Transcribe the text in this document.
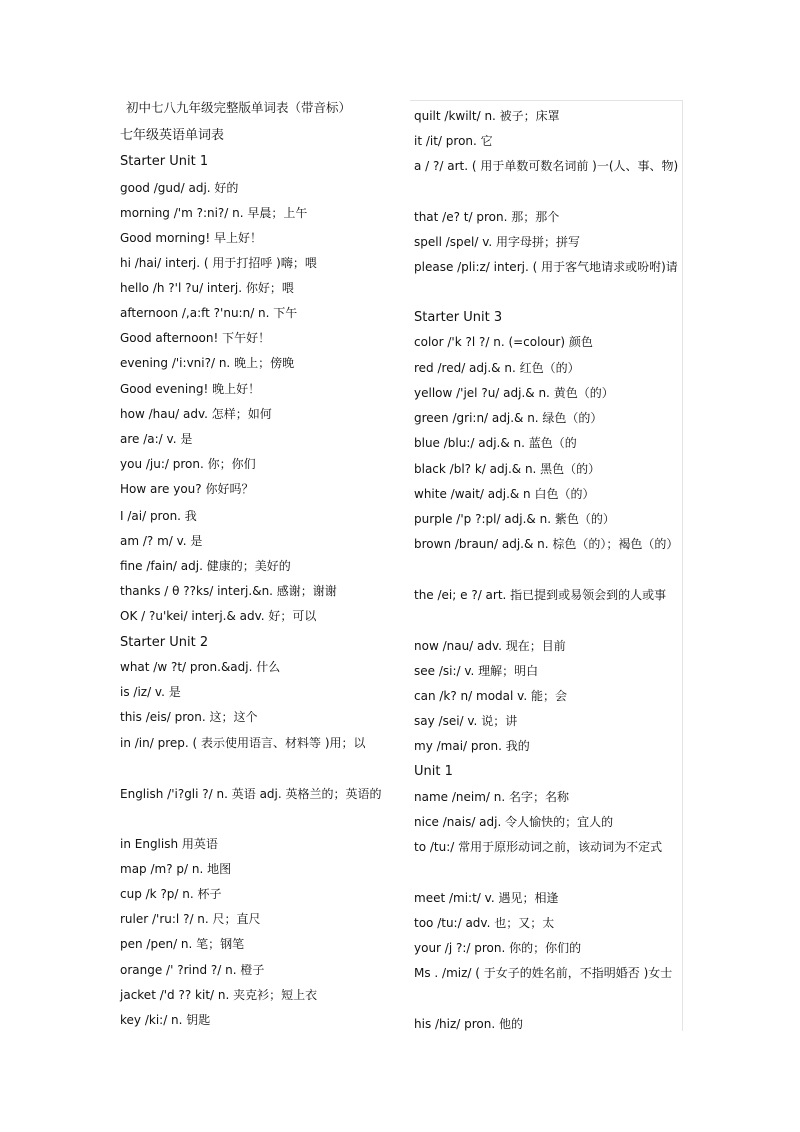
初中七八九年级完整版单词表（带音标）
七年级英语单词表
Starter Unit 1
good /gud/ adj. 好的
morning /'m ?:ni?/ n. 早晨；上午
Good morning! 早上好！
hi /hai/ interj. ( 用于打招呼 )嗨；喂
hello /h ?'l ?u/ interj. 你好；喂
afternoon /,a:ft ?'nu:n/ n. 下午
Good afternoon! 下午好！
evening /'i:vni?/ n. 晚上；傍晚
Good evening! 晚上好！
how /hau/ adv. 怎样；如何
are /a:/ v. 是
you /ju:/ pron. 你；你们
How are you? 你好吗？
I /ai/ pron. 我
am /? m/ v. 是
fine /fain/ adj. 健康的；美好的
thanks / θ ??ks/ interj.&n. 感谢；谢谢
OK / ?u'kei/ interj.& adv. 好；可以
Starter Unit 2
what /w ?t/ pron.&adj. 什么
is /iz/ v. 是
this /eis/ pron. 这；这个
in /in/ prep. ( 表示使用语言、材料等 )用；以
English /'i?gli ?/ n. 英语 adj. 英格兰的；英语的
in English 用英语
map /m? p/ n. 地图
cup /k ?p/ n. 杯子
ruler /'ru:l ?/ n. 尺；直尺
pen /pen/ n. 笔；钢笔
orange /' ?rind ?/ n. 橙子
jacket /'d ?? kit/ n. 夹克衫；短上衣
key /ki:/ n. 钥匙
quilt /kwilt/ n. 被子；床罩
it /it/ pron. 它
a / ?/ art. ( 用于单数可数名词前 )一(人、事、物)
that /e? t/ pron. 那；那个
spell /spel/ v. 用字母拼；拼写
please /pli:z/ interj. ( 用于客气地请求或吩咐)请
Starter Unit 3
color /'k ?l ?/ n. (=colour) 颜色
red /red/ adj.& n. 红色（的）
yellow /'jel ?u/ adj.& n. 黄色（的）
green /gri:n/ adj.& n. 绿色（的）
blue /blu:/ adj.& n. 蓝色（的
black /bl? k/ adj.& n. 黑色（的）
white /wait/ adj.& n 白色（的）
purple /'p ?:pl/ adj.& n. 紫色（的）
brown /braun/ adj.& n. 棕色（的）；褐色（的）
the /ei; e ?/ art. 指已提到或易领会到的人或事
now /nau/ adv. 现在；目前
see /si:/ v. 理解；明白
can /k? n/ modal v. 能；会
say /sei/ v. 说；讲
my /mai/ pron. 我的
Unit 1
name /neim/ n. 名字；名称
nice /nais/ adj. 令人愉快的；宜人的
to /tu:/ 常用于原形动词之前，该动词为不定式
meet /mi:t/ v. 遇见；相逢
too /tu:/ adv. 也；又；太
your /j ?:/ pron. 你的；你们的
Ms . /miz/ ( 于女子的姓名前，不指明婚否 )女士
his /hiz/ pron. 他的
